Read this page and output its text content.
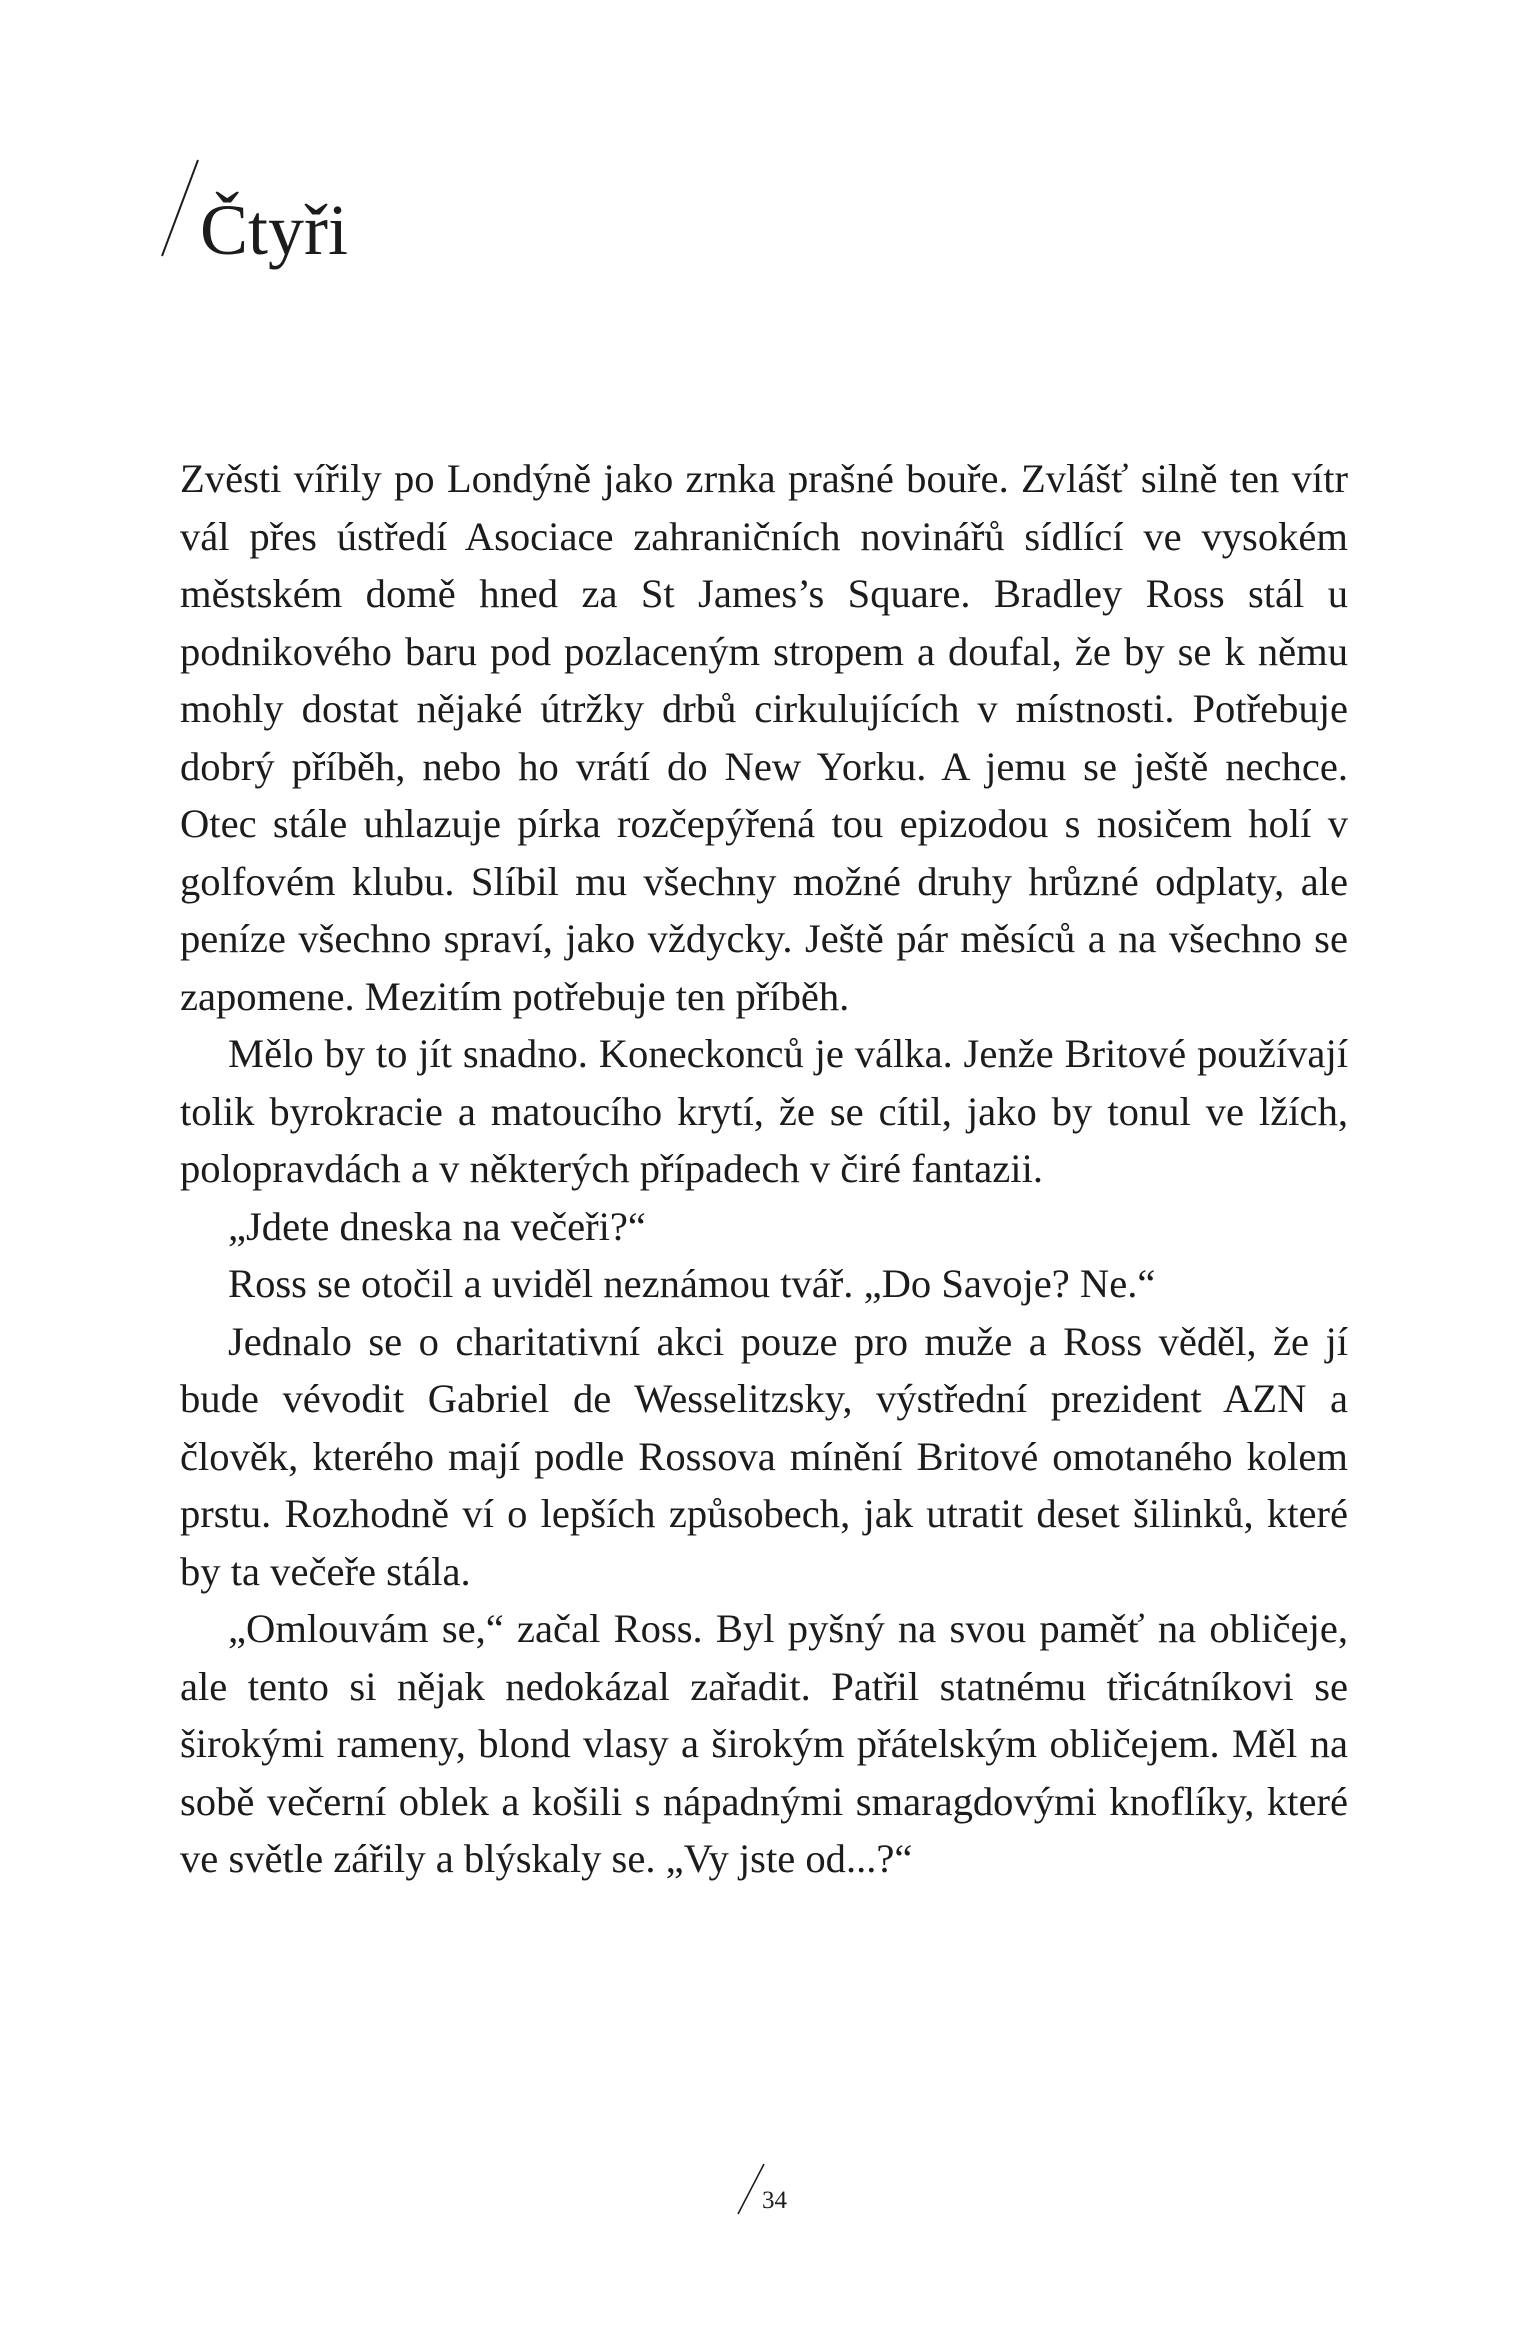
Čtyři

Zvěsti vířily po Londýně jako zrnka prašné bouře. Zvlášť silně ten vítr vál přes ústředí Asociace zahraničních novinářů sídlící ve vysokém městském domě hned za St James’s Square. Bradley Ross stál u podnikového baru pod pozlaceným stropem a doufal, že by se k němu mohly dostat nějaké útržky drbů cirkulujících v místnosti. Potřebuje dobrý příběh, nebo ho vrátí do New Yorku. A jemu se ještě nechce. Otec stále uhlazuje pírka rozčepýřená tou epizodou s nosičem holí v golfovém klubu. Slíbil mu všechny možné druhy hrůzné odplaty, ale peníze všechno spraví, jako vždycky. Ještě pár měsíců a na všechno se zapomene. Mezitím potřebuje ten příběh.

Mělo by to jít snadno. Koneckonců je válka. Jenže Britové používají tolik byrokracie a matoucího krytí, že se cítil, jako by tonul ve lžích, polopravdách a v některých případech v čiré fantazii.

„Jdete dneska na večeři?“

Ross se otočil a uviděl neznámou tvář. „Do Savoje? Ne.“

Jednalo se o charitativní akci pouze pro muže a Ross věděl, že jí bude vévodit Gabriel de Wesselitzsky, výstřední prezident AZN a člověk, kterého mají podle Rossova mínění Britové omotaného kolem prstu. Rozhodně ví o lepších způsobech, jak utratit deset šilinků, které by ta večeře stála.

„Omlouvám se,“ začal Ross. Byl pyšný na svou paměť na obličeje, ale tento si nějak nedokázal zařadit. Patřil statnému třicátníkovi se širokými rameny, blond vlasy a širokým přátelským obličejem. Měl na sobě večerní oblek a košili s nápadnými smaragdovými knoflíky, které ve světle zářily a blýskaly se. „Vy jste od...?“

34
